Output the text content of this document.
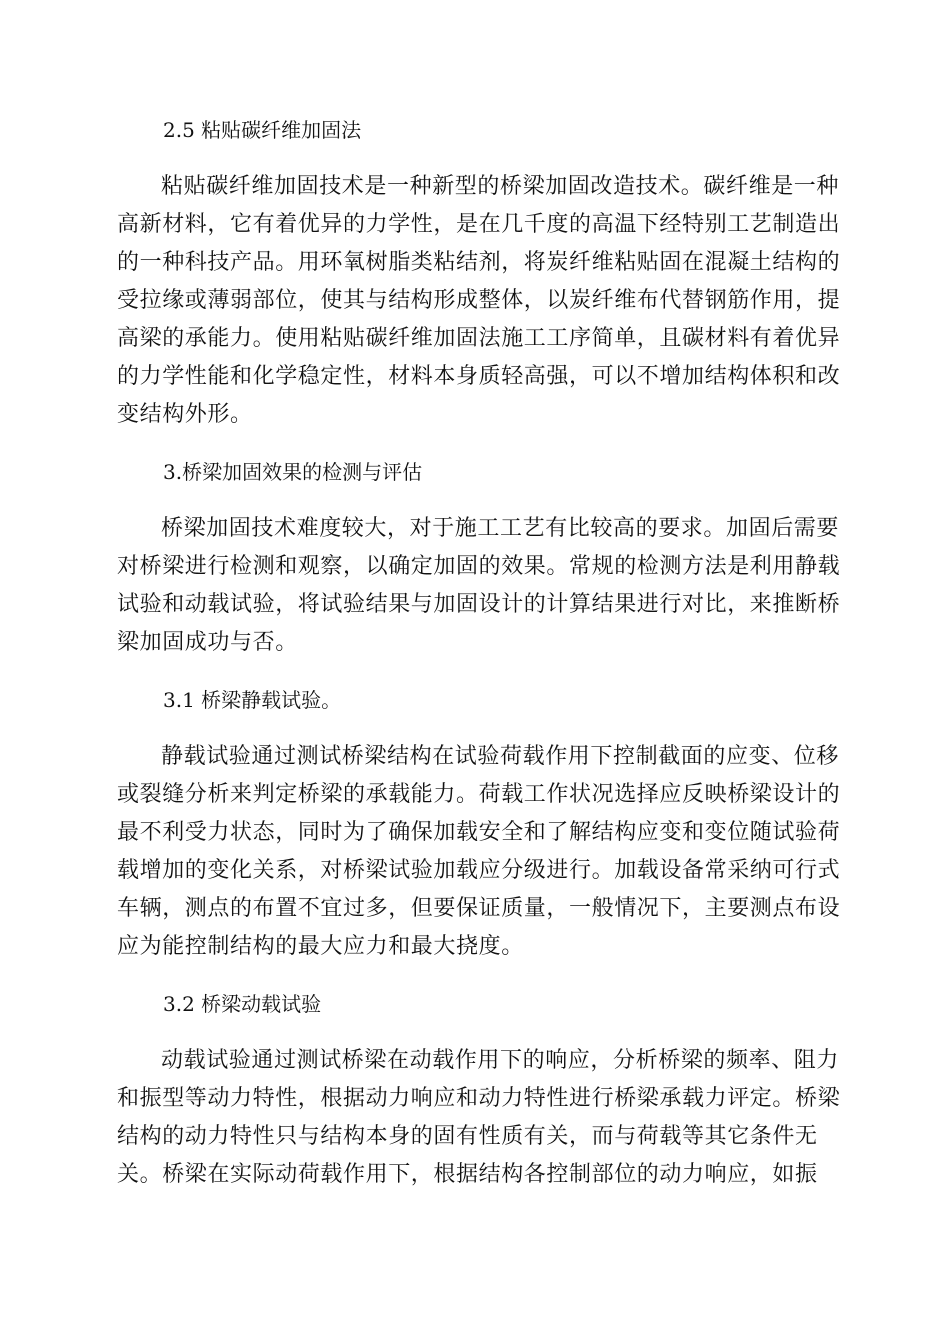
2.5 粘贴碳纤维加固法
粘贴碳纤维加固技术是一种新型的桥梁加固改造技术。碳纤维是一种
高新材料，它有着优异的力学性，是在几千度的高温下经特别工艺制造出
的一种科技产品。用环氧树脂类粘结剂，将炭纤维粘贴固在混凝土结构的
受拉缘或薄弱部位，使其与结构形成整体，以炭纤维布代替钢筋作用，提
高梁的承能力。使用粘贴碳纤维加固法施工工序简单，且碳材料有着优异
的力学性能和化学稳定性，材料本身质轻高强，可以不增加结构体积和改
变结构外形。
3.桥梁加固效果的检测与评估
桥梁加固技术难度较大，对于施工工艺有比较高的要求。加固后需要
对桥梁进行检测和观察，以确定加固的效果。常规的检测方法是利用静载
试验和动载试验，将试验结果与加固设计的计算结果进行对比，来推断桥
梁加固成功与否。
3.1 桥梁静载试验。
静载试验通过测试桥梁结构在试验荷载作用下控制截面的应变、位移
或裂缝分析来判定桥梁的承载能力。荷载工作状况选择应反映桥梁设计的
最不利受力状态，同时为了确保加载安全和了解结构应变和变位随试验荷
载增加的变化关系，对桥梁试验加载应分级进行。加载设备常采纳可行式
车辆，测点的布置不宜过多，但要保证质量，一般情况下，主要测点布设
应为能控制结构的最大应力和最大挠度。
3.2 桥梁动载试验
动载试验通过测试桥梁在动载作用下的响应，分析桥梁的频率、阻力
和振型等动力特性，根据动力响应和动力特性进行桥梁承载力评定。桥梁
结构的动力特性只与结构本身的固有性质有关，而与荷载等其它条件无
关。桥梁在实际动荷载作用下，根据结构各控制部位的动力响应，如振
